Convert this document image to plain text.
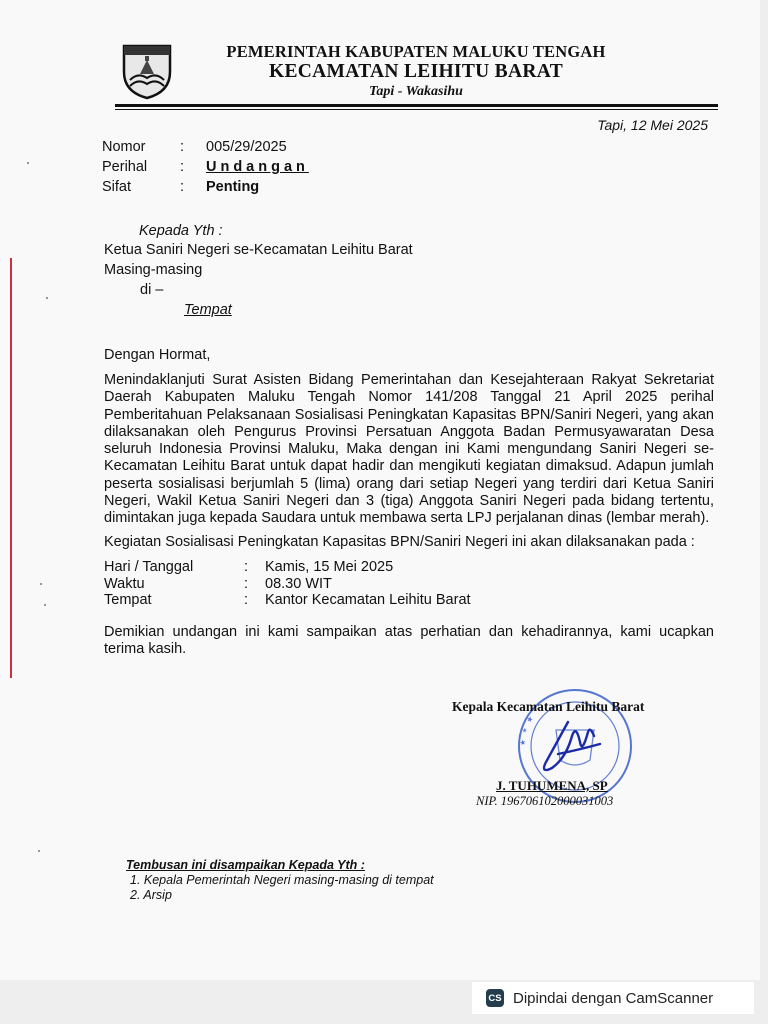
PEMERINTAH KABUPATEN MALUKU TENGAH
KECAMATAN LEIHITU BARAT
Tapi - Wakasihu
Tapi, 12 Mei 2025
Nomor	:	005/29/2025
Perihal	:	Undangan
Sifat	:	Penting
Kepada Yth :
Ketua Saniri Negeri se-Kecamatan Leihitu Barat
Masing-masing
di –
Tempat
Dengan Hormat,
Menindaklanjuti Surat Asisten Bidang Pemerintahan dan Kesejahteraan Rakyat Sekretariat Daerah Kabupaten Maluku Tengah Nomor 141/208 Tanggal 21 April 2025 perihal Pemberitahuan Pelaksanaan Sosialisasi Peningkatan Kapasitas BPN/Saniri Negeri, yang akan dilaksanakan oleh Pengurus Provinsi Persatuan Anggota Badan Permusyawaratan Desa seluruh Indonesia Provinsi Maluku, Maka dengan ini Kami mengundang Saniri Negeri se-Kecamatan Leihitu Barat untuk dapat hadir dan mengikuti kegiatan dimaksud. Adapun jumlah peserta sosialisasi berjumlah 5 (lima) orang dari setiap Negeri yang terdiri dari Ketua Saniri Negeri, Wakil Ketua Saniri Negeri dan 3 (tiga) Anggota Saniri Negeri pada bidang tertentu, dimintakan juga kepada Saudara untuk membawa serta LPJ perjalanan dinas (lembar merah).
Kegiatan Sosialisasi Peningkatan Kapasitas BPN/Saniri Negeri ini akan dilaksanakan pada :
Hari / Tanggal	:	Kamis, 15 Mei 2025
Waktu	:	08.30 WIT
Tempat	:	Kantor Kecamatan Leihitu Barat
Demikian undangan ini kami sampaikan atas perhatian dan kehadirannya, kami ucapkan terima kasih.
★ ✶ ★
Kepala Kecamatan Leihitu Barat
J. TUHUMENA, SP
NIP. 196706102000031003
Tembusan ini disampaikan Kepada Yth :
1. Kepala Pemerintah Negeri masing-masing di tempat
2. Arsip
CS Dipindai dengan CamScanner
